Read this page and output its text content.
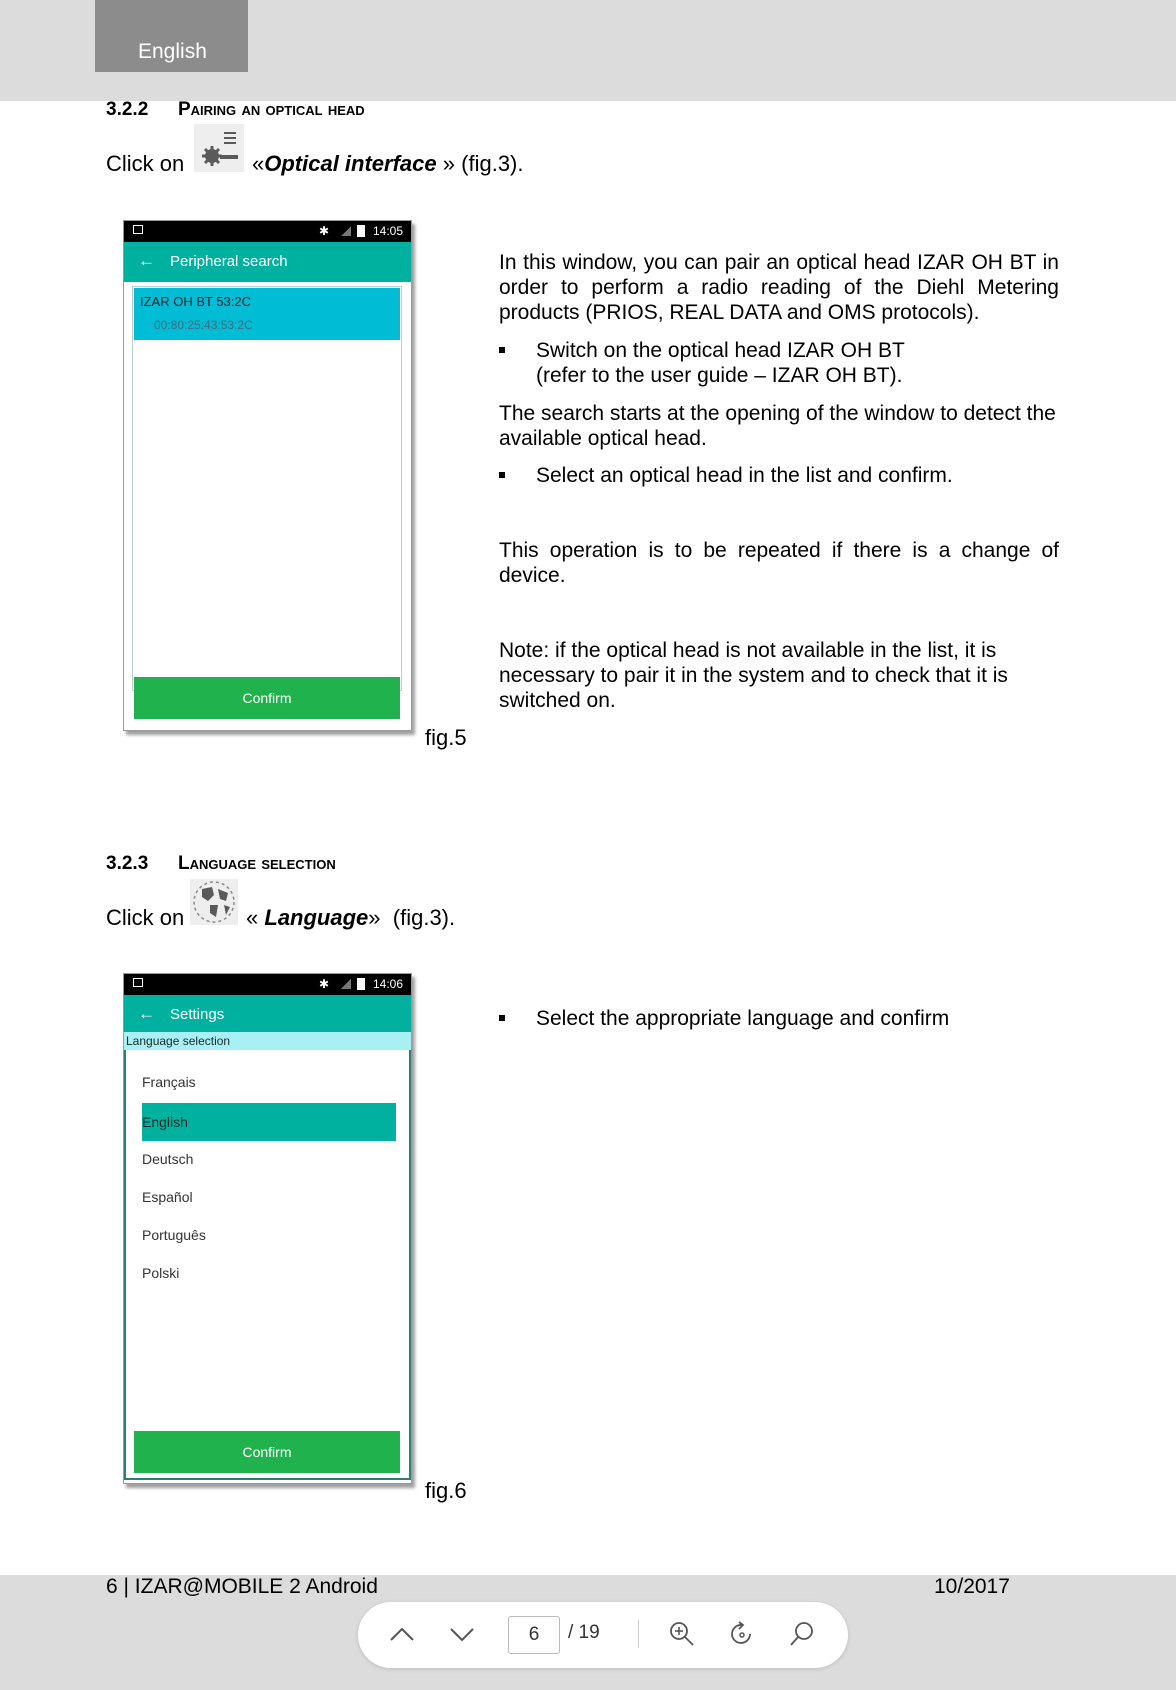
English
3.2.2 Pairing an optical head
Click on	«Optical interface » (fig.3).
✱	14:05
← Peripheral search
IZAR OH BT 53:2C
00:80:25:43:53:2C
Confirm
fig.5
In this window, you can pair an optical head IZAR OH BT in order to perform a radio reading of the Diehl Metering products (PRIOS, REAL DATA and OMS protocols).
Switch on the optical head IZAR OH BT
(refer to the user guide – IZAR OH BT).
The search starts at the opening of the window to detect the available optical head.
Select an optical head in the list and confirm.
This operation is to be repeated if there is a change of device.
Note: if the optical head is not available in the list, it is necessary to pair it in the system and to check that it is switched on.
3.2.3 Language selection
Click on	« Language» (fig.3).
✱	14:06
← Settings
Language selection
Français
English
Deutsch
Español
Português
Polski
Confirm
fig.6
Select the appropriate language and confirm
6 | IZAR@MOBILE 2 Android	10/2017
6	/ 19
